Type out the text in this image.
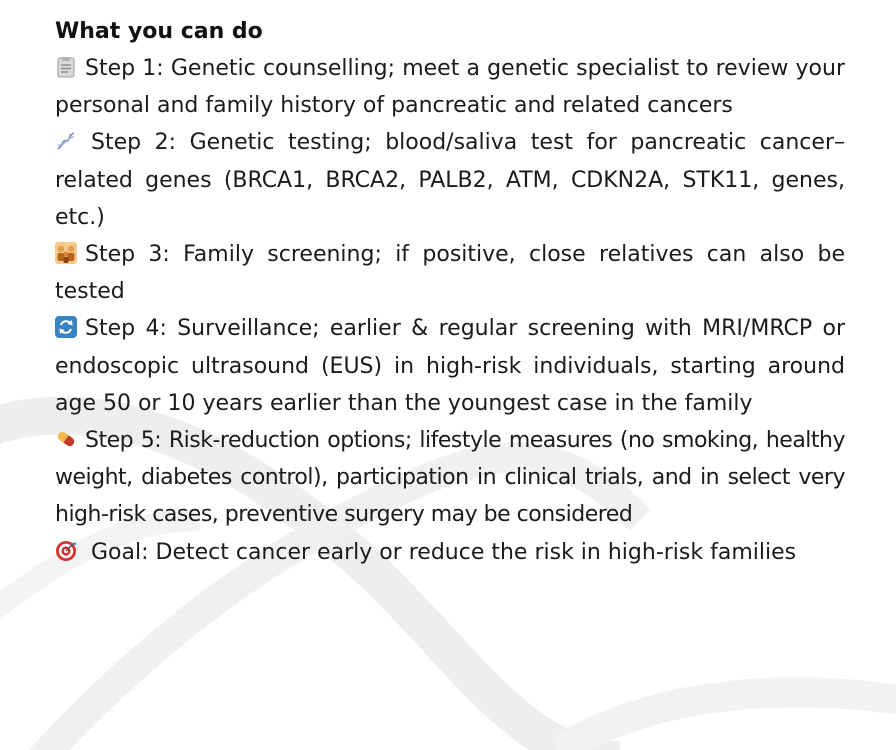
What you can do

Step 1: Genetic counselling; meet a genetic specialist to review your personal and family history of pancreatic and related cancers

Step 2: Genetic testing; blood/saliva test for pancreatic cancer–related genes (BRCA1, BRCA2, PALB2, ATM, CDKN2A, STK11, genes, etc.)

Step 3: Family screening; if positive, close relatives can also be tested

Step 4: Surveillance; earlier & regular screening with MRI/MRCP or endoscopic ultrasound (EUS) in high-risk individuals, starting around age 50 or 10 years earlier than the youngest case in the family

Step 5: Risk-reduction options; lifestyle measures (no smoking, healthy weight, diabetes control), participation in clinical trials, and in select very high-risk cases, preventive surgery may be considered

Goal: Detect cancer early or reduce the risk in high-risk families
